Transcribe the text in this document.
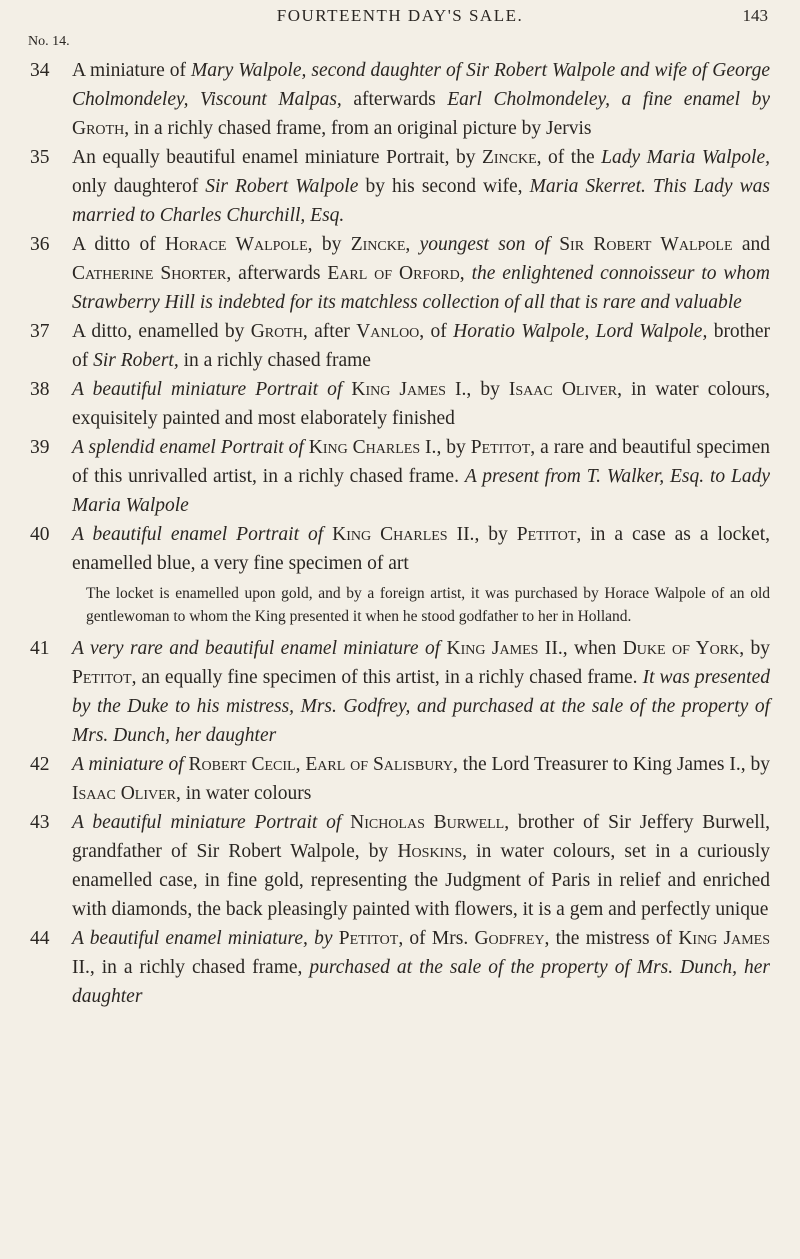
FOURTEENTH DAY'S SALE.	143
No. 14.
34 A miniature of Mary Walpole, second daughter of Sir Robert Walpole and wife of George Cholmondeley, Viscount Malpas, afterwards Earl Cholmondeley, a fine enamel by Groth, in a richly chased frame, from an original picture by Jervis
35 An equally beautiful enamel miniature Portrait, by Zincke, of the Lady Maria Walpole, only daughterof Sir Robert Walpole by his second wife, Maria Skerret. This Lady was married to Charles Churchill, Esq.
36 A ditto of Horace Walpole, by Zincke, youngest son of Sir Robert Walpole and Catherine Shorter, afterwards Earl of Orford, the enlightened connoisseur to whom Strawberry Hill is indebted for its matchless collection of all that is rare and valuable
37 A ditto, enamelled by Groth, after Vanloo, of Horatio Walpole, Lord Walpole, brother of Sir Robert, in a richly chased frame
38 A beautiful miniature Portrait of King James I., by Isaac Oliver, in water colours, exquisitely painted and most elaborately finished
39 A splendid enamel Portrait of King Charles I., by Petitot, a rare and beautiful specimen of this unrivalled artist, in a richly chased frame. A present from T. Walker, Esq. to Lady Maria Walpole
40 A beautiful enamel Portrait of King Charles II., by Petitot, in a case as a locket, enamelled blue, a very fine specimen of art
The locket is enamelled upon gold, and by a foreign artist, it was purchased by Horace Walpole of an old gentlewoman to whom the King presented it when he stood godfather to her in Holland.
41 A very rare and beautiful enamel miniature of King James II., when Duke of York, by Petitot, an equally fine specimen of this artist, in a richly chased frame. It was presented by the Duke to his mistress, Mrs. Godfrey, and purchased at the sale of the property of Mrs. Dunch, her daughter
42 A miniature of Robert Cecil, Earl of Salisbury, the Lord Treasurer to King James I., by Isaac Oliver, in water colours
43 A beautiful miniature Portrait of Nicholas Burwell, brother of Sir Jeffery Burwell, grandfather of Sir Robert Walpole, by Hoskins, in water colours, set in a curiously enamelled case, in fine gold, representing the Judgment of Paris in relief and enriched with diamonds, the back pleasingly painted with flowers, it is a gem and perfectly unique
44 A beautiful enamel miniature, by Petitot, of Mrs. Godfrey, the mistress of King James II., in a richly chased frame, purchased at the sale of the property of Mrs. Dunch, her daughter
